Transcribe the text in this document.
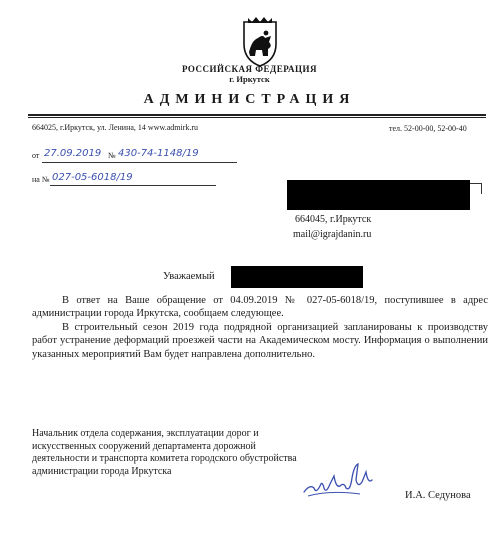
РОССИЙСКАЯ ФЕДЕРАЦИЯ
г. Иркутск
АДМИНИСТРАЦИЯ
664025, г.Иркутск, ул. Ленина, 14 www.admirk.ru	тел. 52-00-00, 52-00-40
от 27.09.2019 № 430-74-1148/19
на № 027-05-6018/19
664045, г.Иркутск
mail@igrajdanin.ru
Уважаемый

В ответ на Ваше обращение от 04.09.2019 № 027-05-6018/19, поступившее в адрес администрации города Иркутска, сообщаем следующее.

В строительный сезон 2019 года подрядной организацией запланированы к производству работ устранение деформаций проезжей части на Академическом мосту. Информация о выполнении указанных мероприятий Вам будет направлена дополнительно.

Начальник отдела содержания, эксплуатации дорог и искусственных сооружений департамента дорожной деятельности и транспорта комитета городского обустройства администрации города Иркутска
И.А. Седунова
